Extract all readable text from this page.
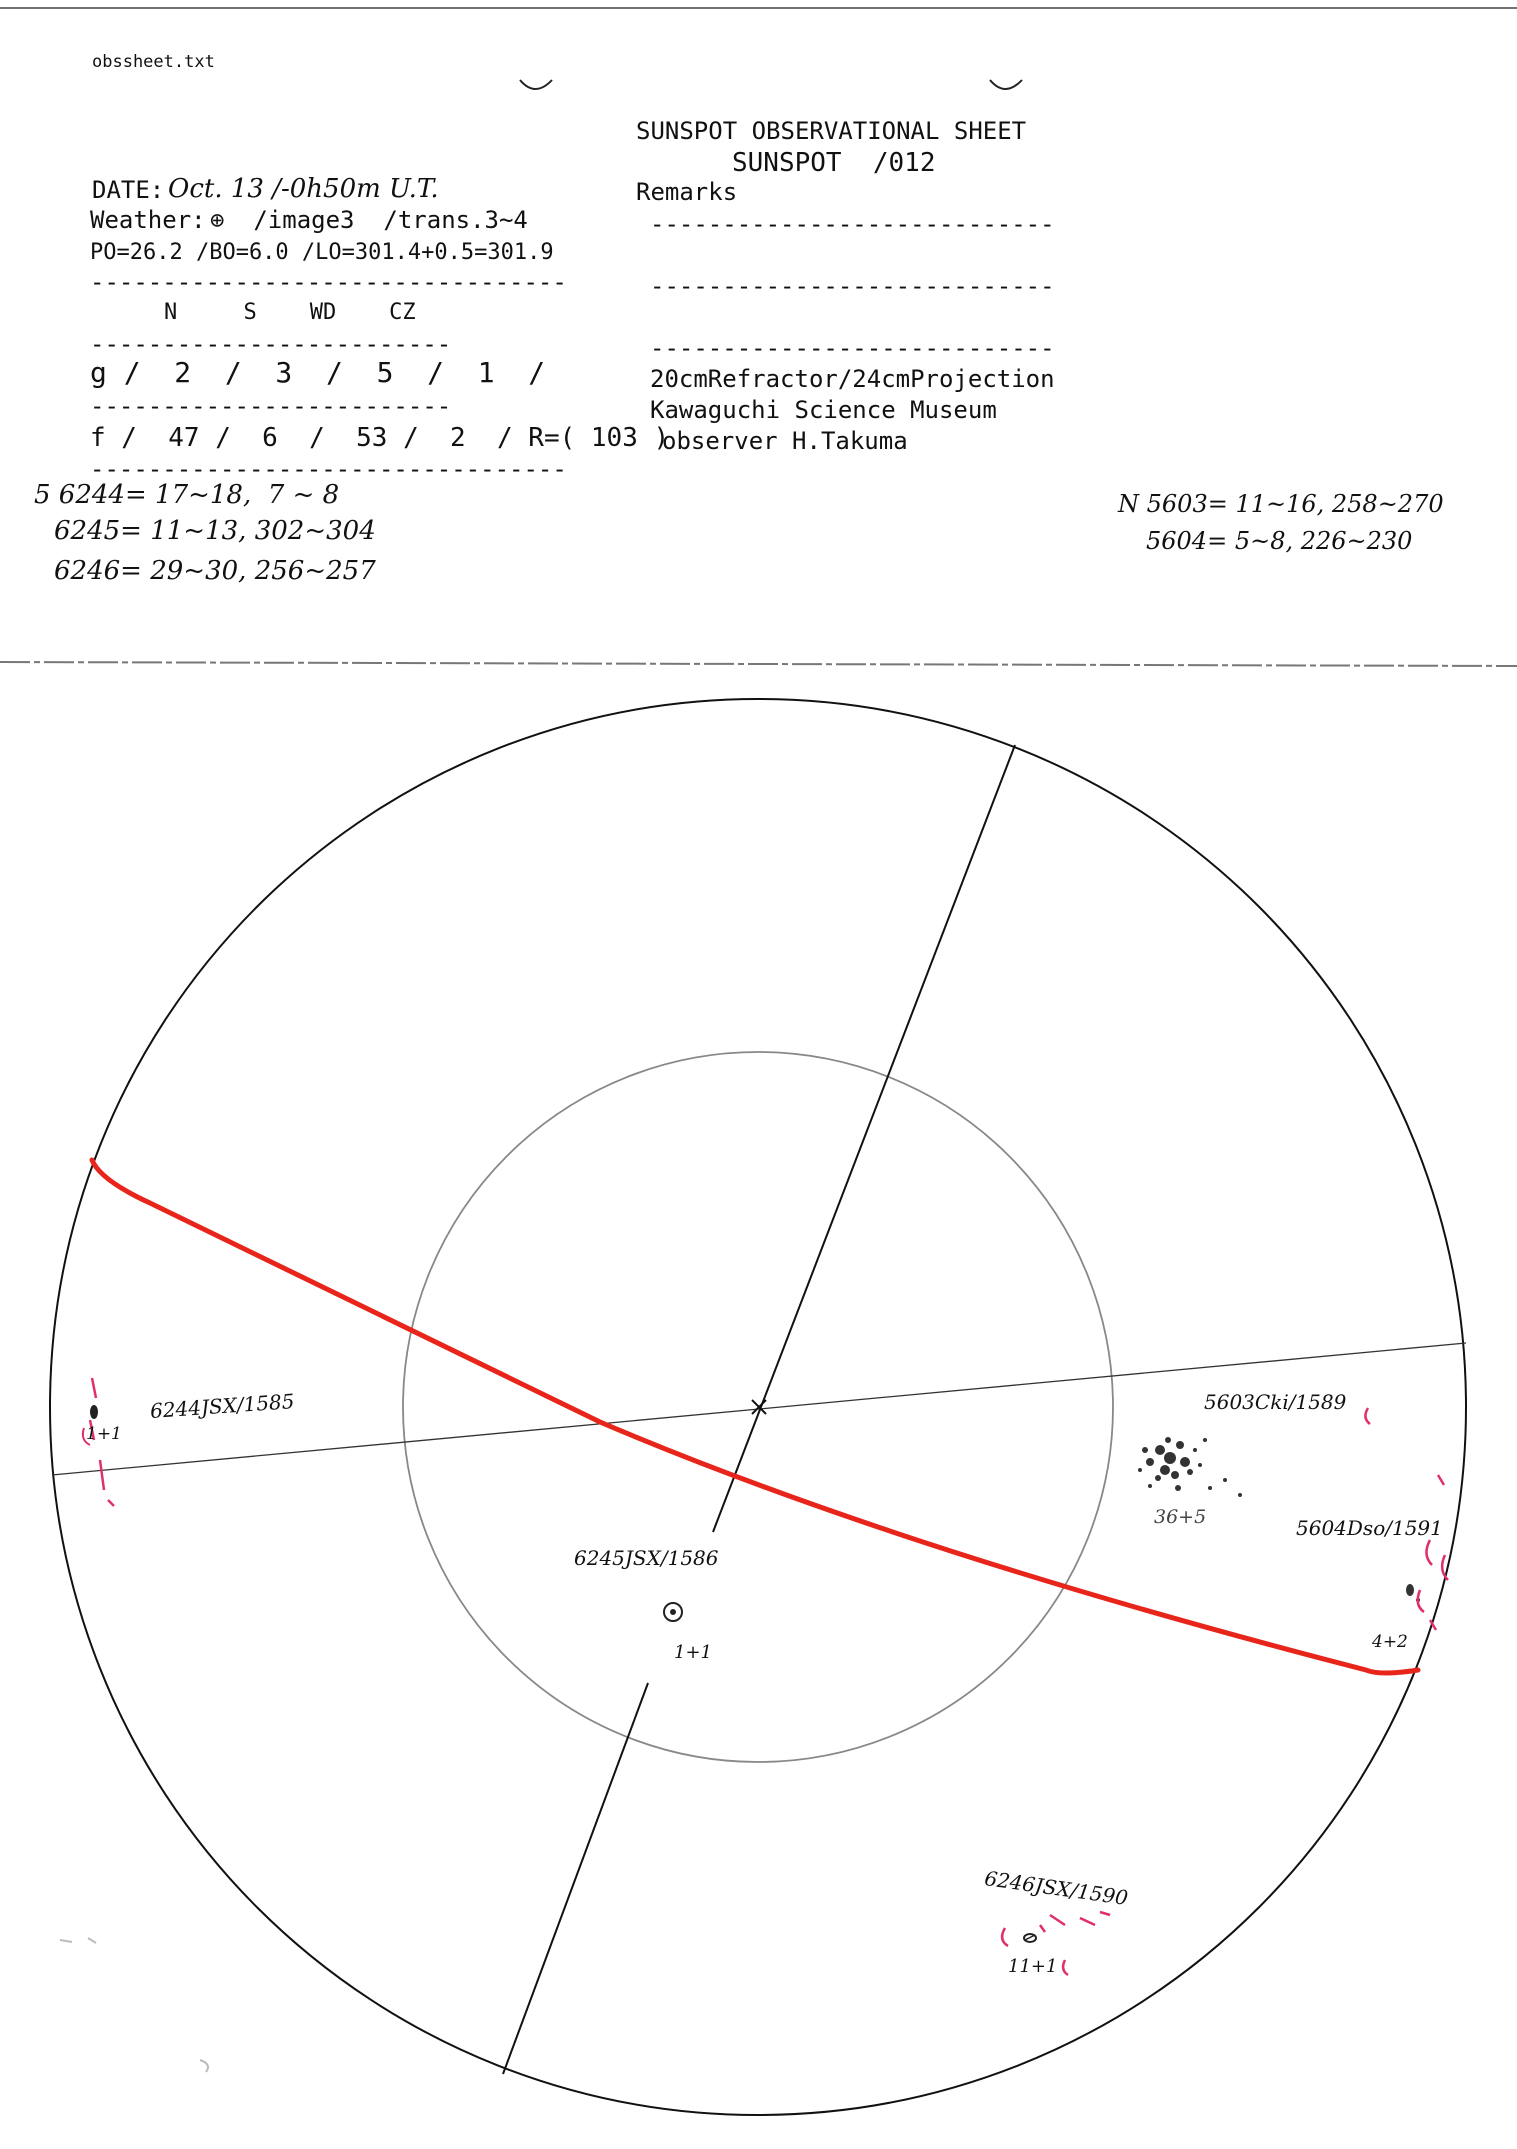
obssheet.txt
SUNSPOT OBSERVATIONAL SHEET
SUNSPOT  /012
DATE: Oct. 13 /-0h50m U.T.
Weather: ⊕  /image3  /trans.3~4
PO=26.2 /BO=6.0 /LO=301.4+0.5=301.9
---------------------------------
N     S    WD    CZ
-------------------------
g /  2  /  3  /  5  /  1  /
-------------------------
f /  47 /  6  /  53 /  2  / R=( 103 )
---------------------------------
Remarks
----------------------------
----------------------------
----------------------------
20cmRefractor/24cmProjection
Kawaguchi Science Museum
observer H.Takuma
5 6244= 17~18,  7 ~ 8
6245= 11~13, 302~304
6246= 29~30, 256~257
N 5603= 11~16, 258~270
5604= 5~8, 226~230
6244JSX/1585
1+1
6245JSX/1586
1+1
5603Cki/1589
36+5	5604Dso/1591
4+2
6246JSX/1590
11+1
